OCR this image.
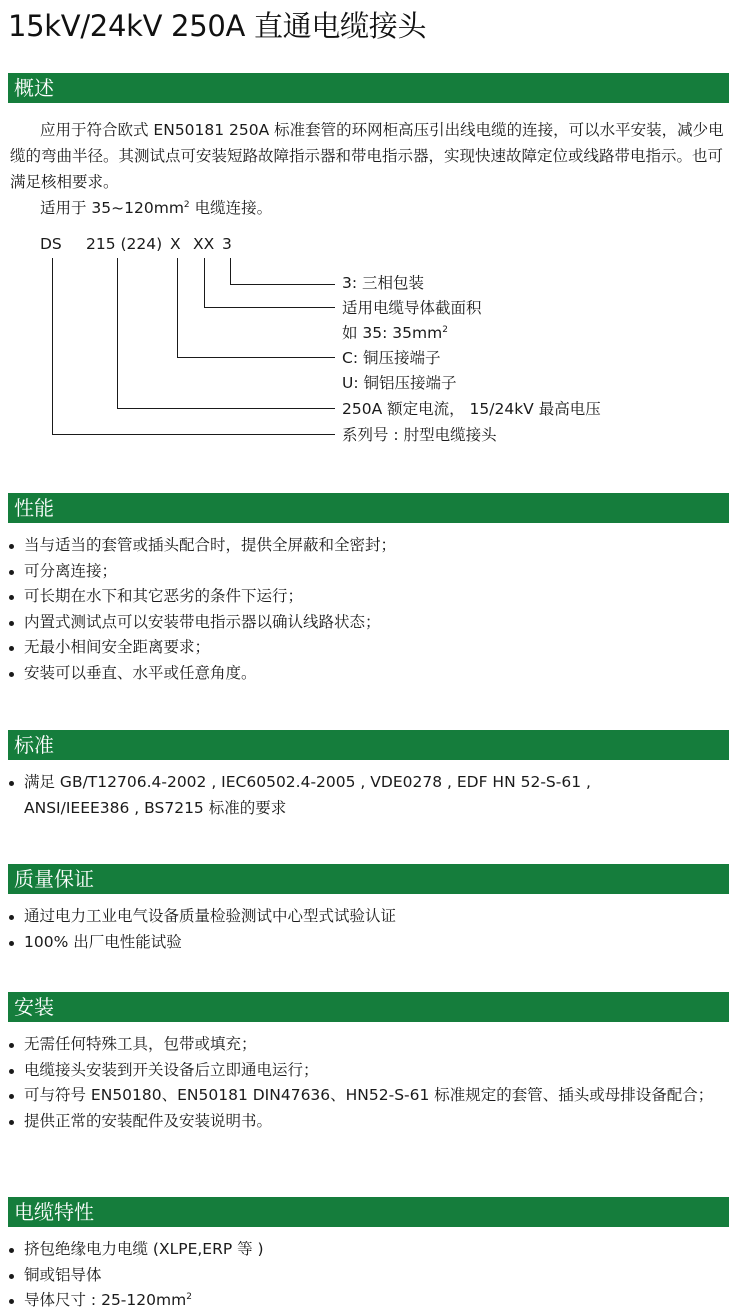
15kV/24kV 250A 直通电缆接头
概述

应用于符合欧式 EN50181 250A 标准套管的环网柜高压引出线电缆的连接，可以水平安装，减少电缆的弯曲半径。其测试点可安装短路故障指示器和带电指示器，实现快速故障定位或线路带电指示。也可满足核相要求。

适用于 $35\sim 120mm^2$ 电缆连接。

DS 215 (224) X XX 3
3: 三相包装
适用电缆导体截面积
如 35: $35mm^2$
C: 铜压接端子
U: 铜铝压接端子
250A 额定电流， 15/24kV 最高电压
系列号 : 肘型电缆接头
性能
当与适当的套管或插头配合时，提供全屏蔽和全密封；
可分离连接；
可长期在水下和其它恶劣的条件下运行；
内置式测试点可以安装带电指示器以确认线路状态；
无最小相间安全距离要求；
安装可以垂直、水平或任意角度。
标准
满足 GB/T12706.4-2002 , IEC60502.4-2005 , VDE0278 , EDF HN 52-S-61 , ANSI/IEEE386 , BS7215 标准的要求
质量保证
通过电力工业电气设备质量检验测试中心型式试验认证
100% 出厂电性能试验
安装
无需任何特殊工具，包带或填充；
电缆接头安装到开关设备后立即通电运行；
可与符号 EN50180、EN50181 DIN47636、HN52-S-61 标准规定的套管、插头或母排设备配合；
提供正常的安装配件及安装说明书。
电缆特性
挤包绝缘电力电缆 (XLPE,ERP 等 )
铜或铝导体
导体尺寸 : $25-120mm^2$
